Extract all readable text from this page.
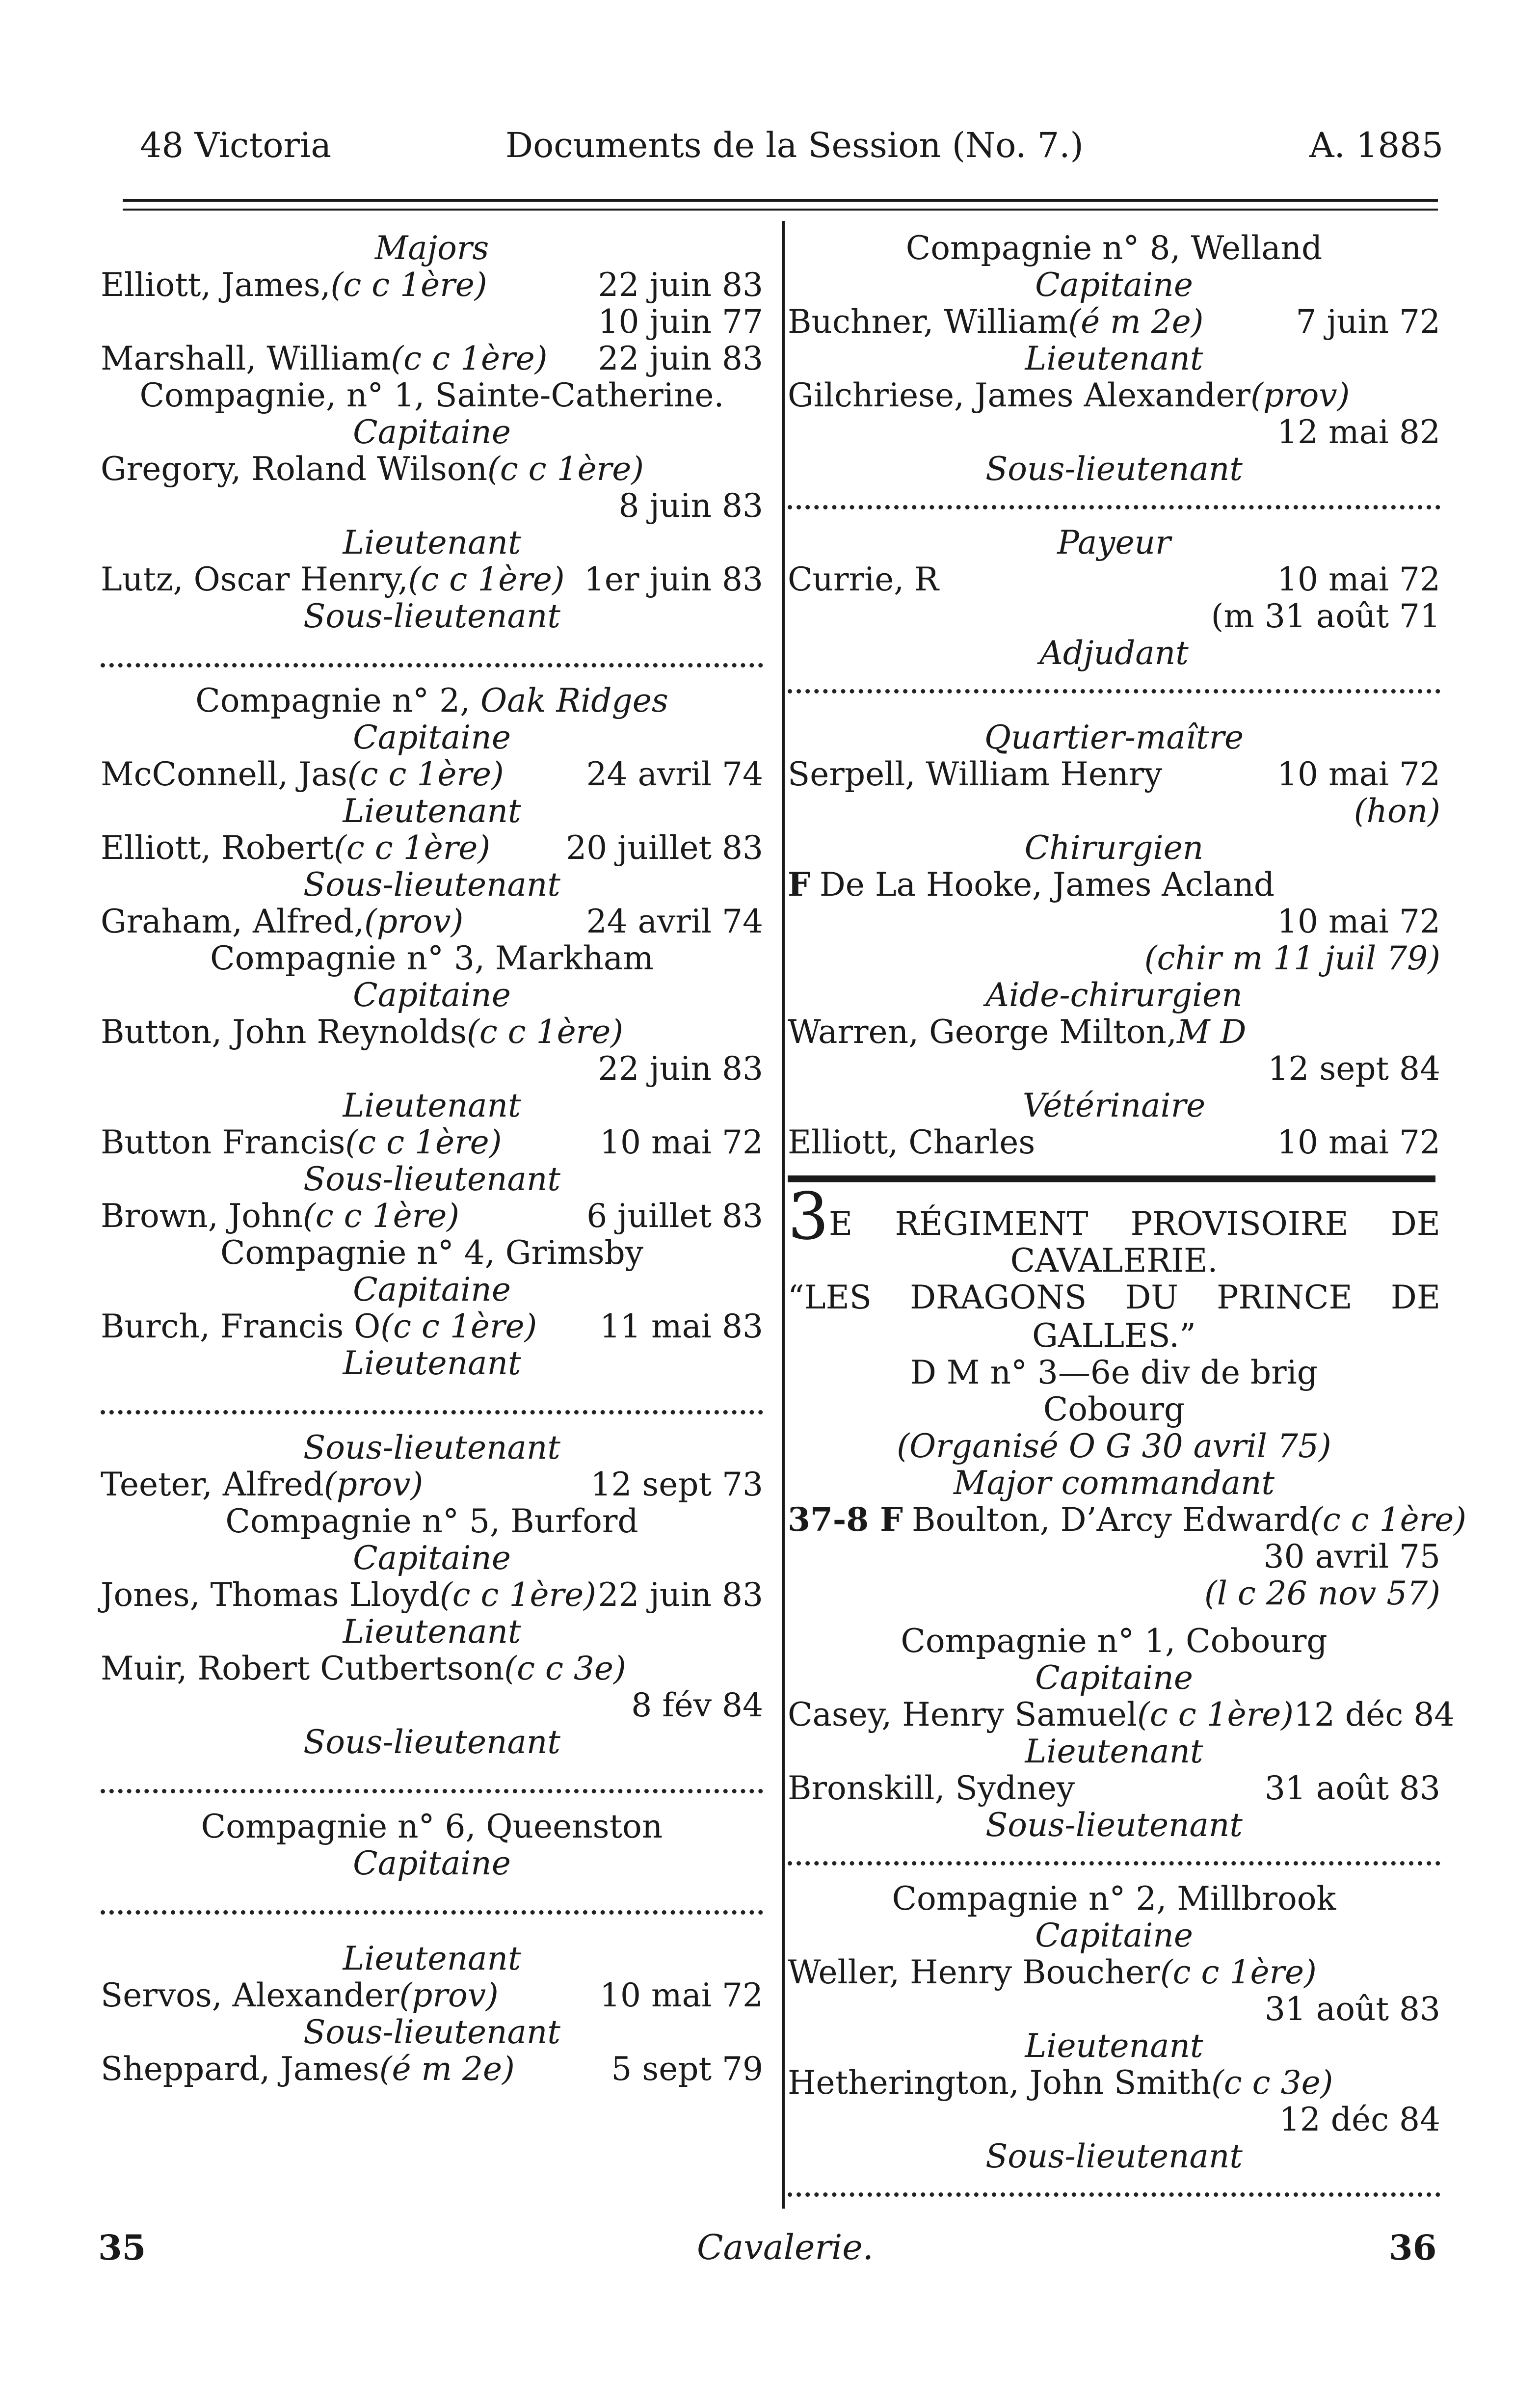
48 Victoria	Documents de la Session (No. 7.)	A. 1885
Majors
Elliott, James, (c c 1ère)	22 juin 83
10 juin 77
Marshall, William (c c 1ère) 22 juin 83
Compagnie, n° 1, Sainte-Catherine.
Capitaine
Gregory, Roland Wilson (c c 1ère)
8 juin 83
Lieutenant
Lutz, Oscar Henry, (c c 1ère) 1er juin 83
Sous-lieutenant
Compagnie n° 2, Oak Ridges
Capitaine
McConnell, Jas (c c 1ère)	24 avril 74
Lieutenant
Elliott, Robert (c c 1ère) 20 juillet 83
Sous-lieutenant
Graham, Alfred, (prov)	24 avril 74
Compagnie n° 3, Markham
Capitaine
Button, John Reynolds (c c 1ère)
22 juin 83
Lieutenant
Button Francis (c c 1ère)	10 mai 72
Sous-lieutenant
Brown, John (c c 1ère)	6 juillet 83
Compagnie n° 4, Grimsby
Capitaine
Burch, Francis O (c c 1ère) 11 mai 83
Lieutenant
Sous-lieutenant
Teeter, Alfred (prov)	12 sept 73
Compagnie n° 5, Burford
Capitaine
Jones, Thomas Lloyd (c c 1ère) 22 juin 83
Lieutenant
Muir, Robert Cutbertson (c c 3e)
8 fév 84
Sous-lieutenant
Compagnie n° 6, Queenston
Capitaine
Lieutenant
Servos, Alexander (prov)	10 mai 72
Sous-lieutenant
Sheppard, James (é m 2e)	5 sept 79
Compagnie n° 8, Welland
Capitaine
Buchner, William (é m 2e)	7 juin 72
Lieutenant
Gilchriese, James Alexander (prov)
12 mai 82
Sous-lieutenant
Payeur
Currie, R	10 mai 72
(m 31 août 71
Adjudant
Quartier-maître
Serpell, William Henry	10 mai 72
(hon)
Chirurgien
F De La Hooke, James Acland
10 mai 72
(chir m 11 juil 79)
Aide-chirurgien
Warren, George Milton, M D
12 sept 84
Vétérinaire
Elliott, Charles	10 mai 72
3E RÉGIMENT PROVISOIRE DE
CAVALERIE.
“LES DRAGONS DU PRINCE DE
GALLES.”
D M n° 3—6e div de brig
Cobourg
(Organisé O G 30 avril 75)
Major commandant
37-8 F Boulton, D’Arcy Edward (c c 1ère)
30 avril 75
(l c 26 nov 57)
Compagnie n° 1, Cobourg
Capitaine
Casey, Henry Samuel (c c 1ère) 12 déc 84
Lieutenant
Bronskill, Sydney	31 août 83
Sous-lieutenant
Compagnie n° 2, Millbrook
Capitaine
Weller, Henry Boucher (c c 1ère)
31 août 83
Lieutenant
Hetherington, John Smith (c c 3e)
12 déc 84
Sous-lieutenant
35	Cavalerie.	36
